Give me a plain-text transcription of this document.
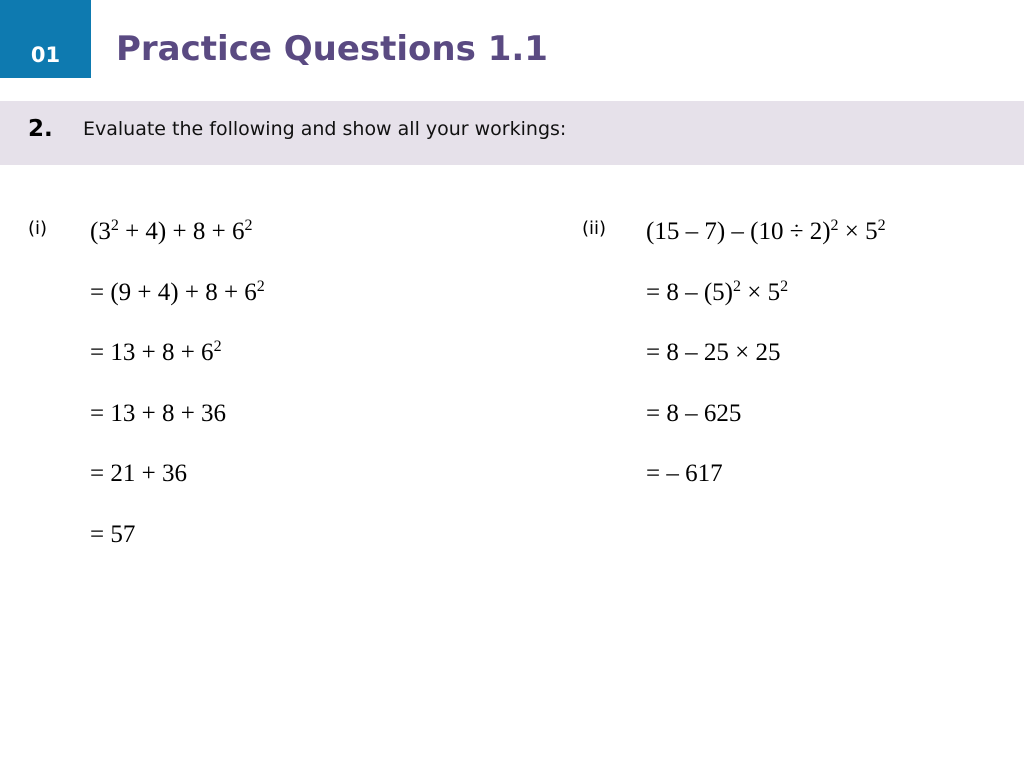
01	Practice Questions 1.1
2. Evaluate the following and show all your workings:
(i) $(3^2 + 4) + 8 + 6^2$
= $(9 + 4) + 8 + 6^2$
= $13 + 8 + 6^2$
= 13 + 8 + 36
= 21 + 36
= 57
(ii) $(15 - 7) - (10 \div 2)^2 \times 5^2$
= $8 - (5)^2 \times 5^2$
= 8 – 25 × 25
= 8 – 625
= – 617
